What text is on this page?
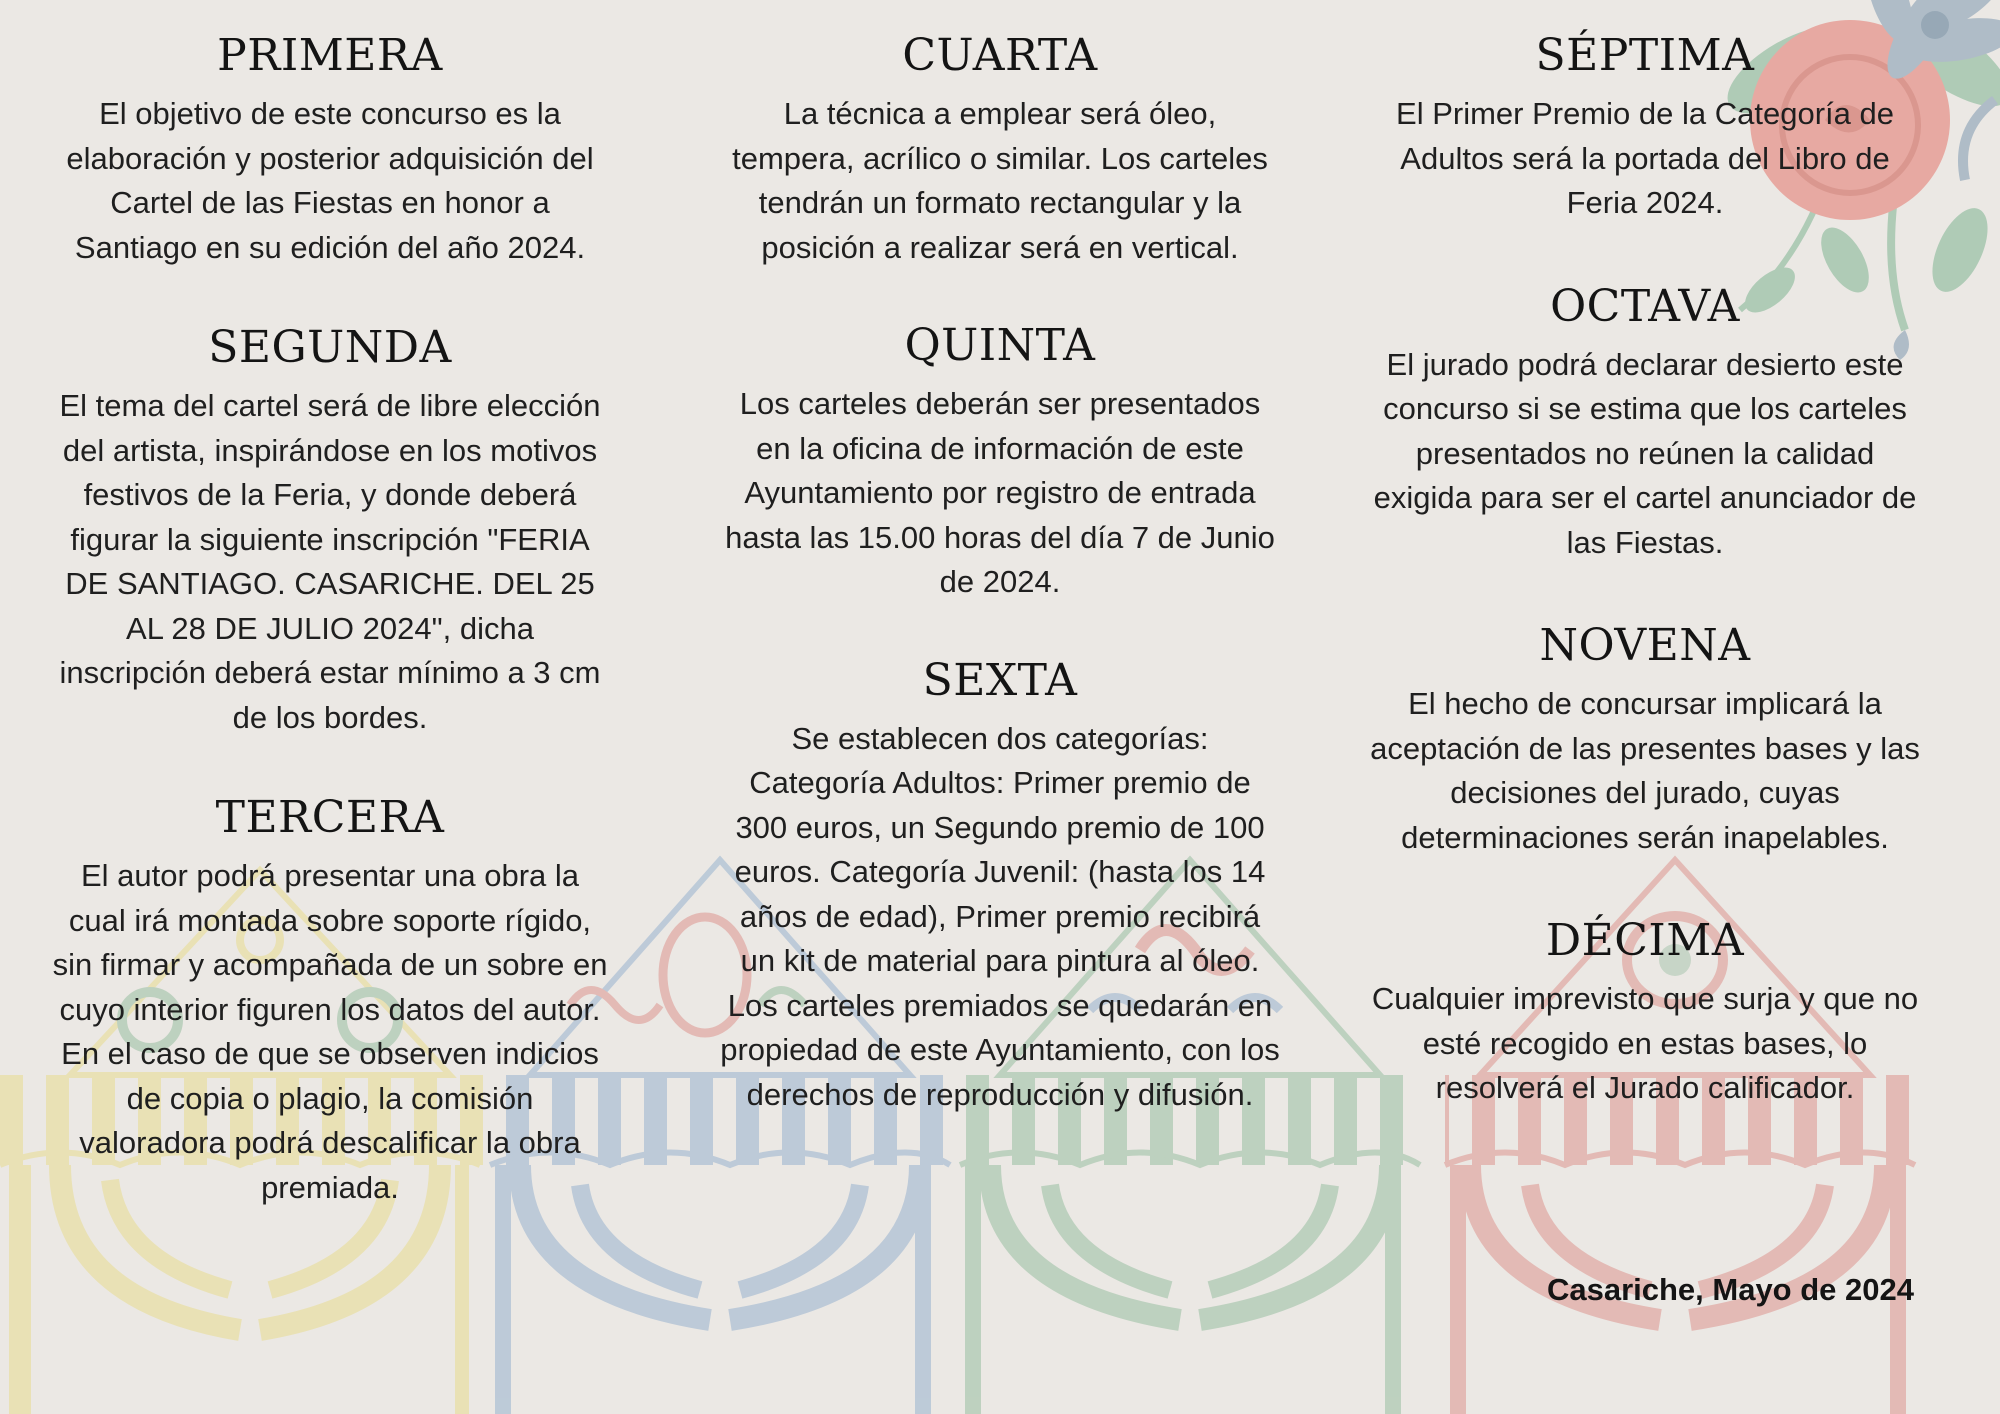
PRIMERA

El objetivo de este concurso es la elaboración y posterior adquisición del Cartel de las Fiestas en honor a Santiago en su edición del año 2024.

SEGUNDA

El tema del cartel será de libre elección del artista, inspirándose en los motivos festivos de la Feria, y donde deberá figurar la siguiente inscripción "FERIA DE SANTIAGO. CASARICHE. DEL 25 AL 28 DE JULIO 2024", dicha inscripción deberá estar mínimo a 3 cm de los bordes.

TERCERA

El autor podrá presentar una obra la cual irá montada sobre soporte rígido, sin firmar y acompañada de un sobre en cuyo interior figuren los datos del autor. En el caso de que se observen indicios de copia o plagio, la comisión valoradora podrá descalificar la obra premiada.

CUARTA

La técnica a emplear será óleo, tempera, acrílico o similar. Los carteles tendrán un formato rectangular y la posición a realizar será en vertical.

QUINTA

Los carteles deberán ser presentados en la oficina de información de este Ayuntamiento por registro de entrada hasta las 15.00 horas del día 7 de Junio de 2024.

SEXTA

Se establecen dos categorías: Categoría Adultos: Primer premio de 300 euros, un Segundo premio de 100 euros. Categoría Juvenil: (hasta los 14 años de edad), Primer premio recibirá un kit de material para pintura al óleo. Los carteles premiados se quedarán en propiedad de este Ayuntamiento, con los derechos de reproducción y difusión.

SÉPTIMA

El Primer Premio de la Categoría de Adultos será la portada del Libro de Feria 2024.

OCTAVA

El jurado podrá declarar desierto este concurso si se estima que los carteles presentados no reúnen la calidad exigida para ser el cartel anunciador de las Fiestas.

NOVENA

El hecho de concursar implicará la aceptación de las presentes bases y las decisiones del jurado, cuyas determinaciones serán inapelables.

DÉCIMA

Cualquier imprevisto que surja y que no esté recogido en estas bases, lo resolverá el Jurado calificador.

Casariche, Mayo de 2024
